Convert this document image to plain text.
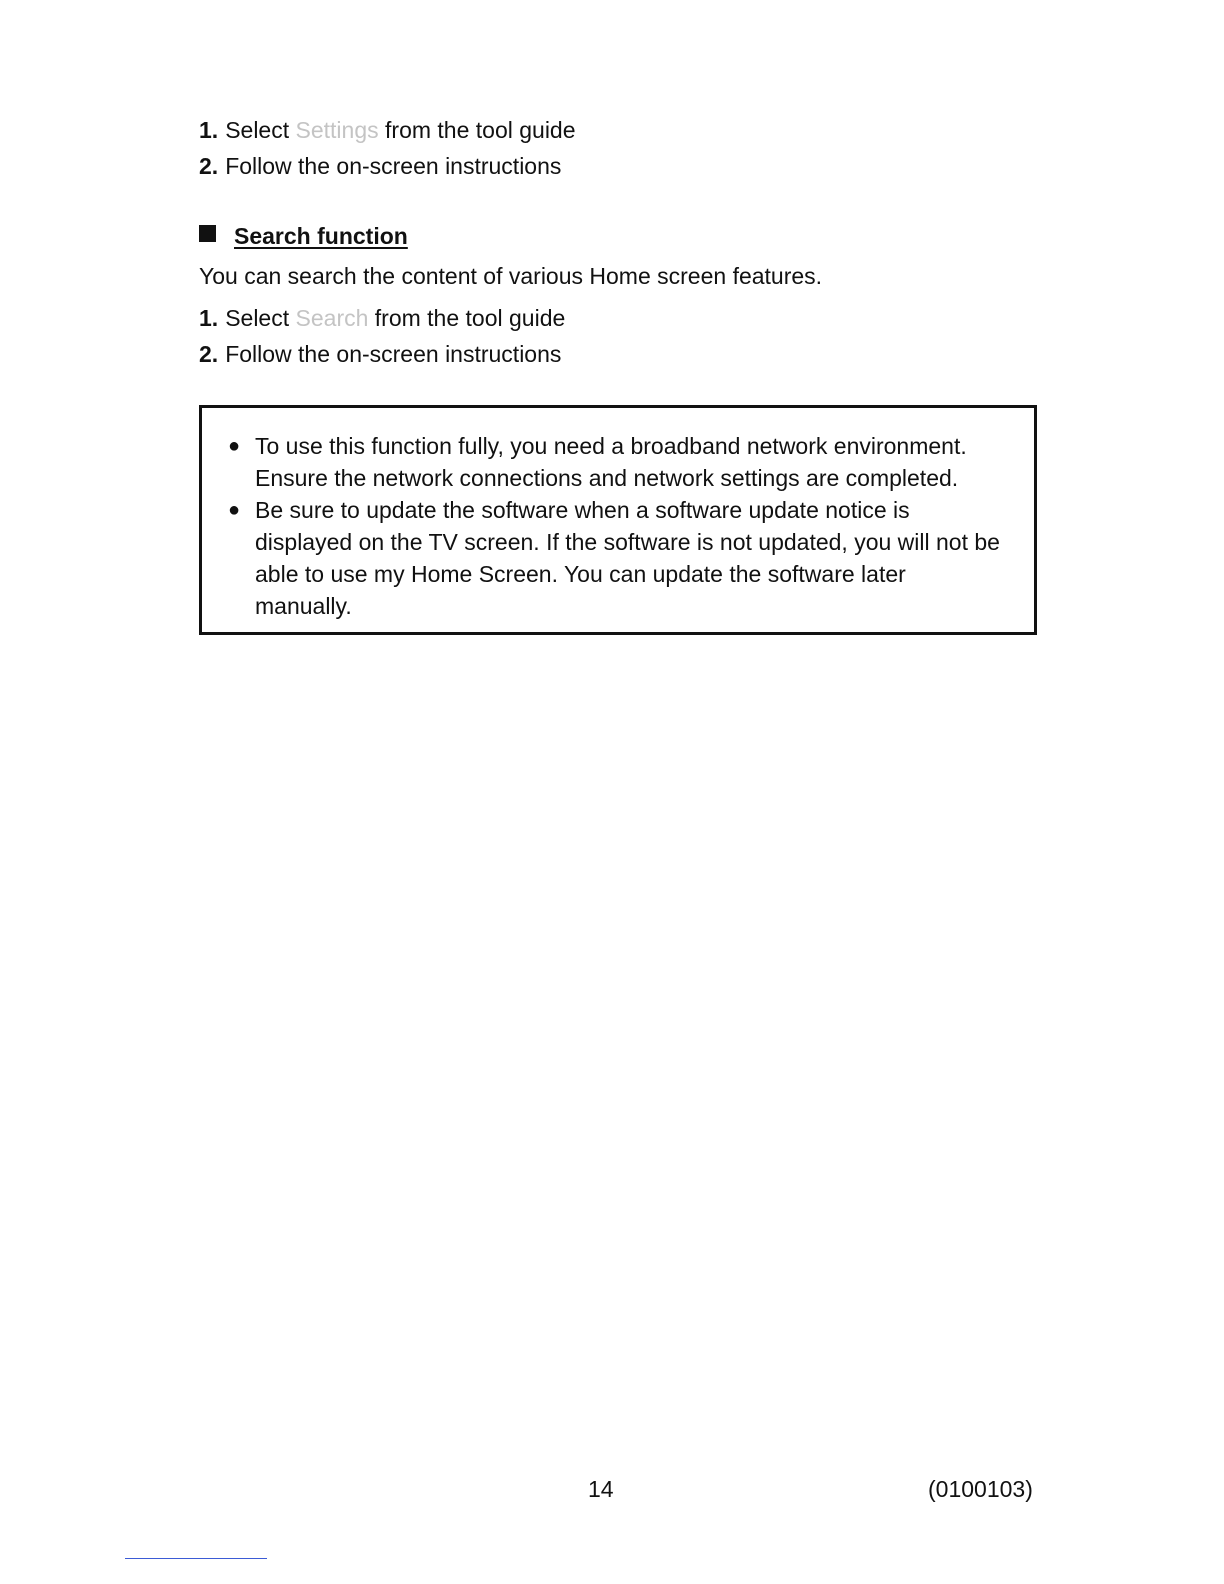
1. Select Settings from the tool guide
2. Follow the on-screen instructions
Search function
You can search the content of various Home screen features.
1. Select Search from the tool guide
2. Follow the on-screen instructions
● To use this function fully, you need a broadband network environment. Ensure the network connections and network settings are completed.
● Be sure to update the software when a software update notice is displayed on the TV screen. If the software is not updated, you will not be able to use my Home Screen. You can update the software later manually.
14	(0100103)
